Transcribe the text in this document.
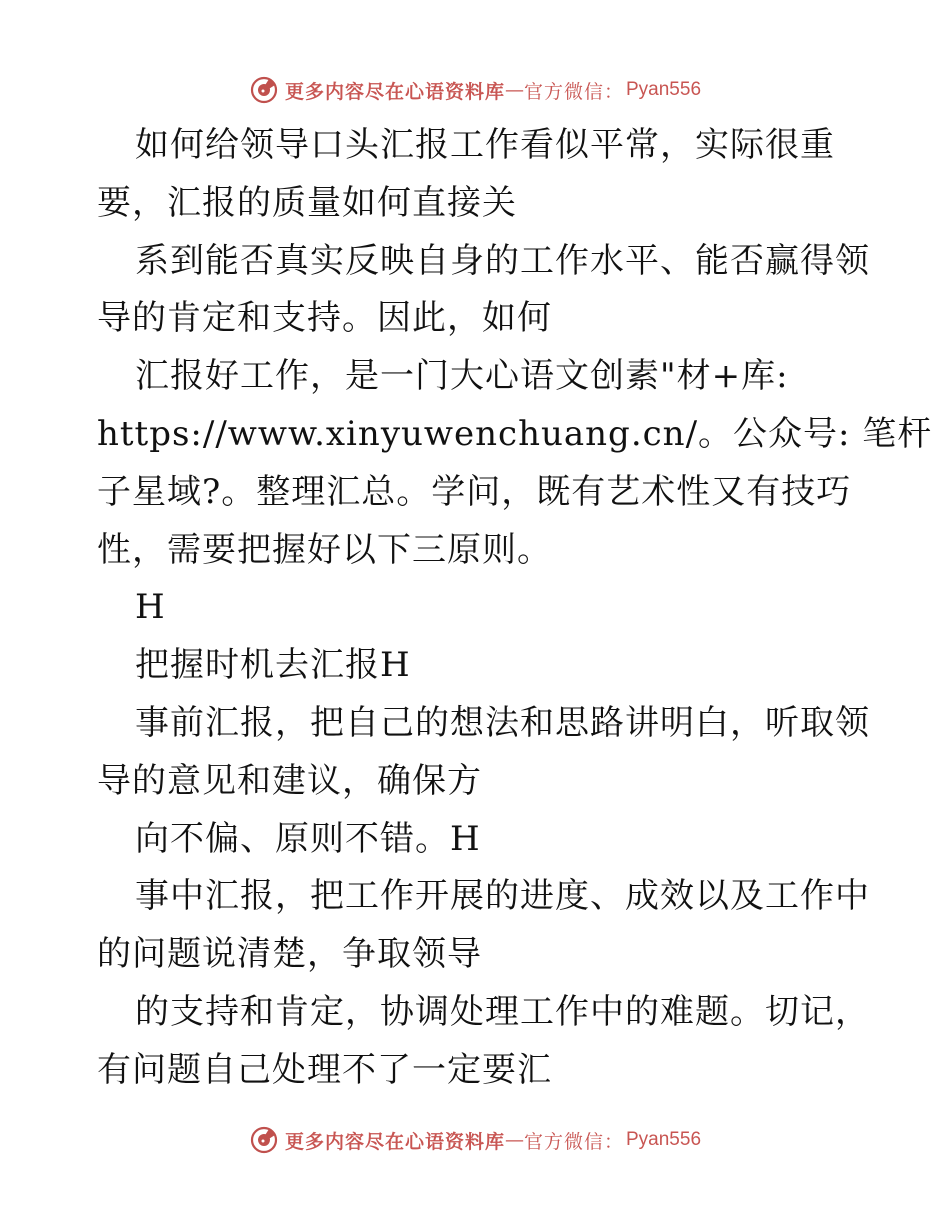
更多内容尽在心语资料库 — 官方微信： Pyan556

如何给领导口头汇报工作看似平常，实际很重

要，汇报的质量如何直接关

系到能否真实反映自身的工作水平、能否赢得领

导的肯定和支持。因此，如何

汇报好工作，是一门大心语文创素"材+库:

https://www.xinyuwenchuang.cn/。公众号: 笔杆

子星域?。整理汇总。学问，既有艺术性又有技巧

性，需要把握好以下三原则。

H

把握时机去汇报H

事前汇报，把自己的想法和思路讲明白，听取领

导的意见和建议，确保方

向不偏、原则不错。H

事中汇报，把工作开展的进度、成效以及工作中

的问题说清楚，争取领导

的支持和肯定，协调处理工作中的难题。切记，

有问题自己处理不了一定要汇

更多内容尽在心语资料库 — 官方微信： Pyan556
